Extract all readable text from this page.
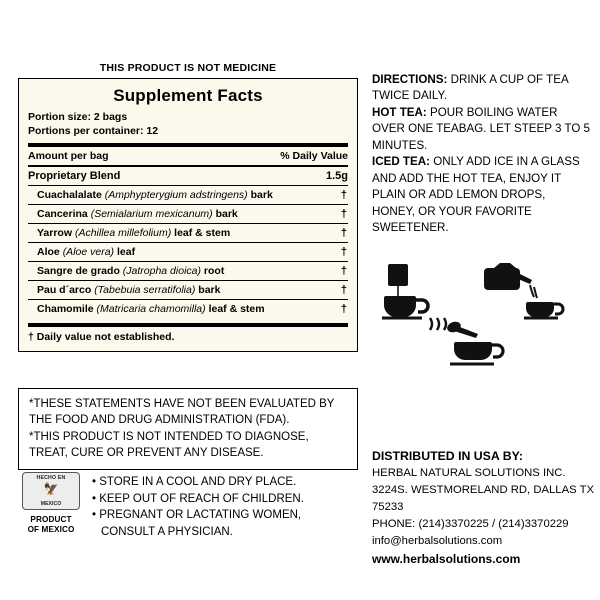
THIS PRODUCT IS NOT MEDICINE
Supplement Facts
Portion size: 2 bags
Portions per container: 12
Amount per bag	% Daily Value
Proprietary Blend	1.5g
Cuachalalate (Amphypterygium adstringens) bark	†
Cancerina (Semialarium mexicanum) bark	†
Yarrow (Achillea millefolium) leaf & stem	†
Aloe (Aloe vera) leaf	†
Sangre de grado (Jatropha dioica) root	†
Pau d´arco (Tabebuia serratifolia) bark	†
Chamomile (Matricaria chamomilla) leaf & stem	†
† Daily value not established.
*THESE STATEMENTS HAVE NOT BEEN EVALUATED BY
THE FOOD AND DRUG ADMINISTRATION (FDA).
*THIS PRODUCT IS NOT INTENDED TO DIAGNOSE,
TREAT, CURE OR PREVENT ANY DISEASE.
HECHO EN
🦅
MEXICO
PRODUCT
OF MEXICO
• STORE IN A COOL AND DRY PLACE.
• KEEP OUT OF REACH OF CHILDREN.
• PREGNANT OR LACTATING WOMEN,
CONSULT A PHYSICIAN.
DIRECTIONS: DRINK A CUP OF TEA TWICE DAILY.
HOT TEA: POUR BOILING WATER OVER ONE TEABAG. LET STEEP 3 TO 5 MINUTES.
ICED TEA: ONLY ADD ICE IN A GLASS AND ADD THE HOT TEA, ENJOY IT PLAIN OR ADD LEMON DROPS, HONEY, OR YOUR FAVORITE SWEETENER.
DISTRIBUTED IN USA BY:
HERBAL NATURAL SOLUTIONS INC.
3224S. WESTMORELAND RD, DALLAS TX 75233
PHONE: (214)3370225 / (214)3370229
info@herbalsolutions.com
www.herbalsolutions.com
